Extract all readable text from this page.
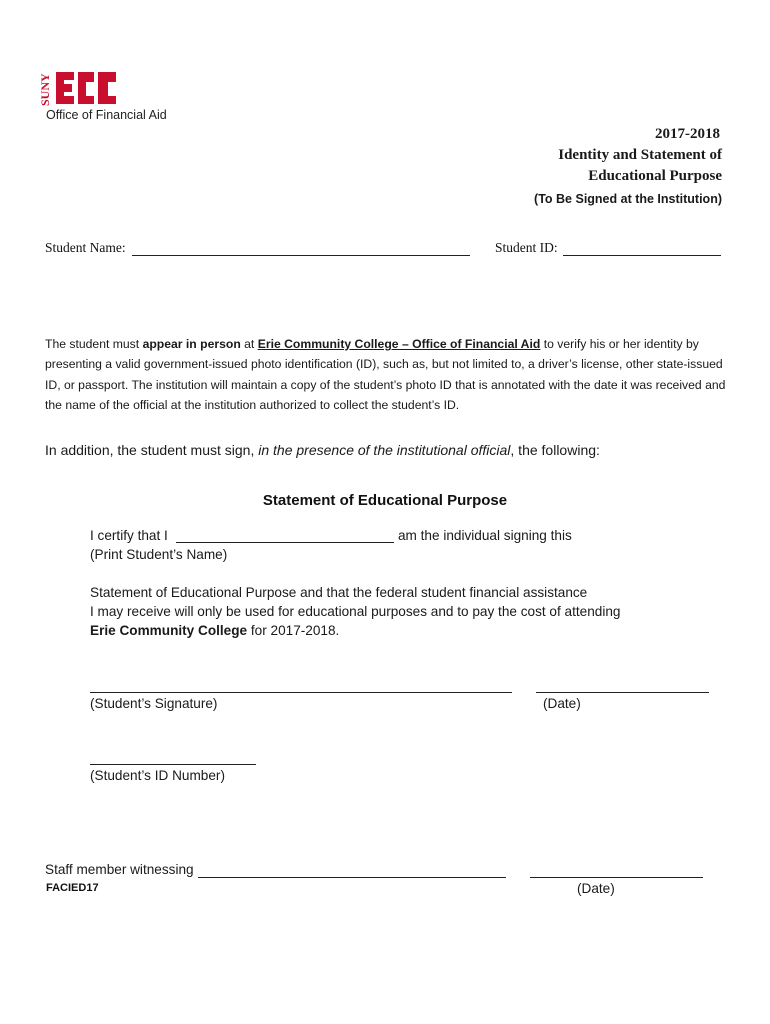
SUNY
Office of Financial Aid
2017-2018
Identity and Statement of
Educational Purpose
(To Be Signed at the Institution)
Student Name:	Student ID:
The student must appear in person at Erie Community College – Office of Financial Aid to verify his or her identity by presenting a valid government-issued photo identification (ID), such as, but not limited to, a driver’s license, other state-issued ID, or passport. The institution will maintain a copy of the student’s photo ID that is annotated with the date it was received and the name of the official at the institution authorized to collect the student’s ID.
In addition, the student must sign, in the presence of the institutional official, the following:
Statement of Educational Purpose
I certify that I	am the individual signing this
(Print Student’s Name)
Statement of Educational Purpose and that the federal student financial assistance
I may receive will only be used for educational purposes and to pay the cost of attending
Erie Community College for 2017-2018.
(Student’s Signature)	(Date)
(Student’s ID Number)
Staff member witnessing
(Date)
FACIED17
